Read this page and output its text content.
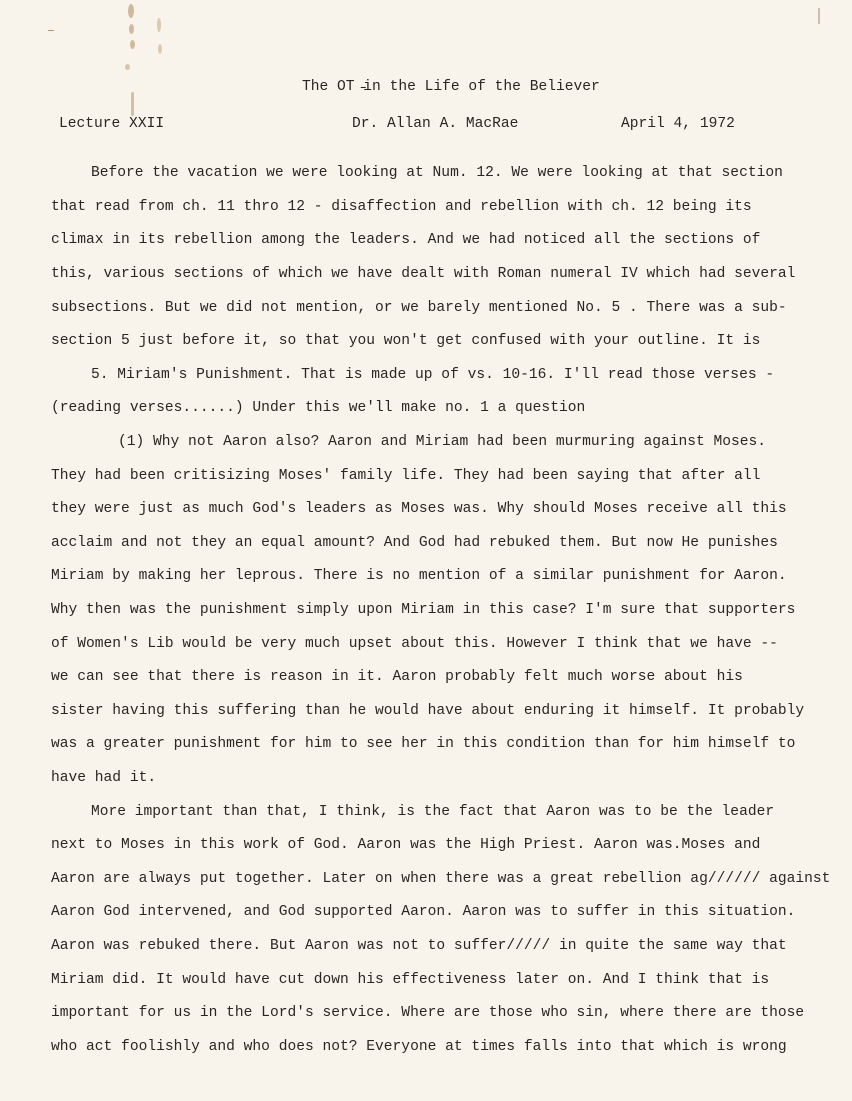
The OT ̵in the Life of the Believer
Lecture XXII	Dr. Allan A. MacRae	April 4, 1972
Before the vacation we were looking at Num. 12. We were looking at that section
that read from ch. 11 thro 12 - disaffection and rebellion with ch. 12 being its
climax in its rebellion among the leaders. And we had noticed all the sections of
this, various sections of which we have dealt with Roman numeral IV which had several
subsections. But we did not mention, or we barely mentioned No. 5 . There was a sub-
section 5 just before it, so that you won't get confused with your outline. It is
5. Miriam's Punishment. That is made up of vs. 10-16. I'll read those verses -
(reading verses......) Under this we'll make no. 1 a question
(1) Why not Aaron also? Aaron and Miriam had been murmuring against Moses.
They had been critisizing Moses' family life. They had been saying that after all
they were just as much God's leaders as Moses was. Why should Moses receive all this
acclaim and not they an equal amount? And God had rebuked them. But now He punishes
Miriam by making her leprous. There is no mention of a similar punishment for Aaron.
Why then was the punishment simply upon Miriam in this case? I'm sure that supporters
of Women's Lib would be very much upset about this. However I think that we have --
we can see that there is reason in it. Aaron probably felt much worse about his
sister having this suffering than he would have about enduring it himself. It probably
was a greater punishment for him to see her in this condition than for him himself to
have had it.
More important than that, I think, is the fact that Aaron was to be the leader
next to Moses in this work of God. Aaron was the High Priest. Aaron was.Moses and
Aaron are always put together. Later on when there was a great rebellion ag////// against
Aaron God intervened, and God supported Aaron. Aaron was to suffer in this situation.
Aaron was rebuked there. But Aaron was not to suffer///// in quite the same way that
Miriam did. It would have cut down his effectiveness later on. And I think that is
important for us in the Lord's service. Where are those who sin, where there are those
who act foolishly and who does not? Everyone at times falls into that which is wrong
